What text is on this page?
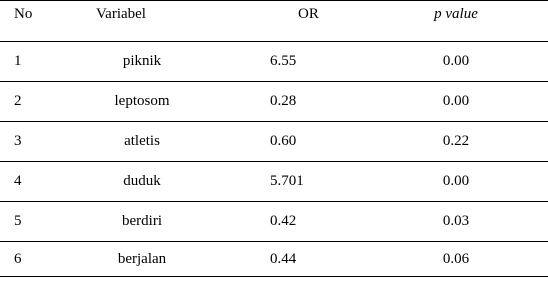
No	Variabel	OR	p value
1	piknik	6.55	0.00
2	leptosom	0.28	0.00
3	atletis	0.60	0.22
4	duduk	5.701	0.00
5	berdiri	0.42	0.03
6	berjalan	0.44	0.06
